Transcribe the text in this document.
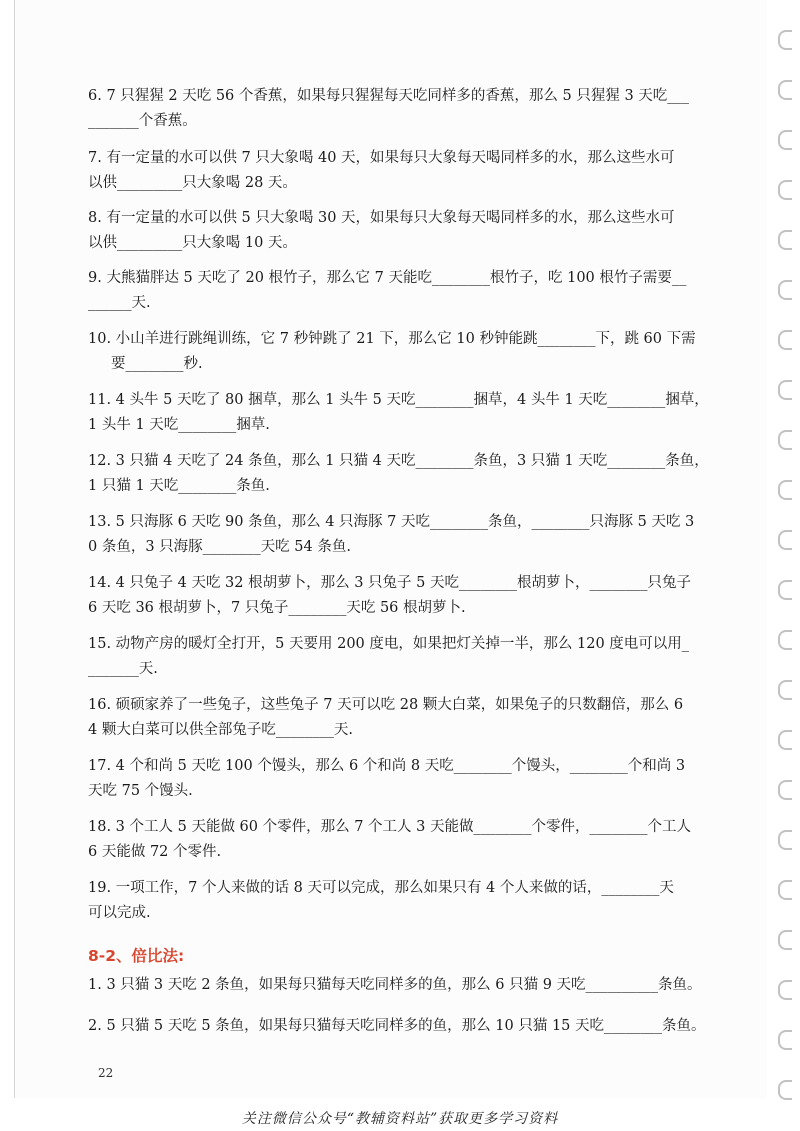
6. 7 只猩猩 2 天吃 56 个香蕉，如果每只猩猩每天吃同样多的香蕉，那么 5 只猩猩 3 天吃___

_______个香蕉。

7. 有一定量的水可以供 7 只大象喝 40 天，如果每只大象每天喝同样多的水，那么这些水可

以供_________只大象喝 28 天。

8. 有一定量的水可以供 5 只大象喝 30 天，如果每只大象每天喝同样多的水，那么这些水可

以供_________只大象喝 10 天。

9. 大熊猫胖达 5 天吃了 20 根竹子，那么它 7 天能吃________根竹子，吃 100 根竹子需要__

______天.

10. 小山羊进行跳绳训练，它 7 秒钟跳了 21 下，那么它 10 秒钟能跳________下，跳 60 下需

要________秒.

11. 4 头牛 5 天吃了 80 捆草，那么 1 头牛 5 天吃________捆草，4 头牛 1 天吃________捆草，

1 头牛 1 天吃________捆草.

12. 3 只猫 4 天吃了 24 条鱼，那么 1 只猫 4 天吃________条鱼，3 只猫 1 天吃________条鱼，

1 只猫 1 天吃________条鱼.

13. 5 只海豚 6 天吃 90 条鱼，那么 4 只海豚 7 天吃________条鱼，________只海豚 5 天吃 3

0 条鱼，3 只海豚________天吃 54 条鱼.

14. 4 只兔子 4 天吃 32 根胡萝卜，那么 3 只兔子 5 天吃________根胡萝卜，________只兔子

6 天吃 36 根胡萝卜，7 只兔子________天吃 56 根胡萝卜.

15. 动物产房的暖灯全打开，5 天要用 200 度电，如果把灯关掉一半，那么 120 度电可以用_

_______天.

16. 硕硕家养了一些兔子，这些兔子 7 天可以吃 28 颗大白菜，如果兔子的只数翻倍，那么 6

4 颗大白菜可以供全部兔子吃________天.

17. 4 个和尚 5 天吃 100 个馒头，那么 6 个和尚 8 天吃________个馒头，________个和尚 3

天吃 75 个馒头.

18. 3 个工人 5 天能做 60 个零件，那么 7 个工人 3 天能做________个零件，________个工人

6 天能做 72 个零件.

19. 一项工作，7 个人来做的话 8 天可以完成，那么如果只有 4 个人来做的话，________天

可以完成.

8-2、倍比法:

1. 3 只猫 3 天吃 2 条鱼，如果每只猫每天吃同样多的鱼，那么 6 只猫 9 天吃__________条鱼。

2. 5 只猫 5 天吃 5 条鱼，如果每只猫每天吃同样多的鱼，那么 10 只猫 15 天吃________条鱼。

22
关注微信公众号“教辅资料站”获取更多学习资料
